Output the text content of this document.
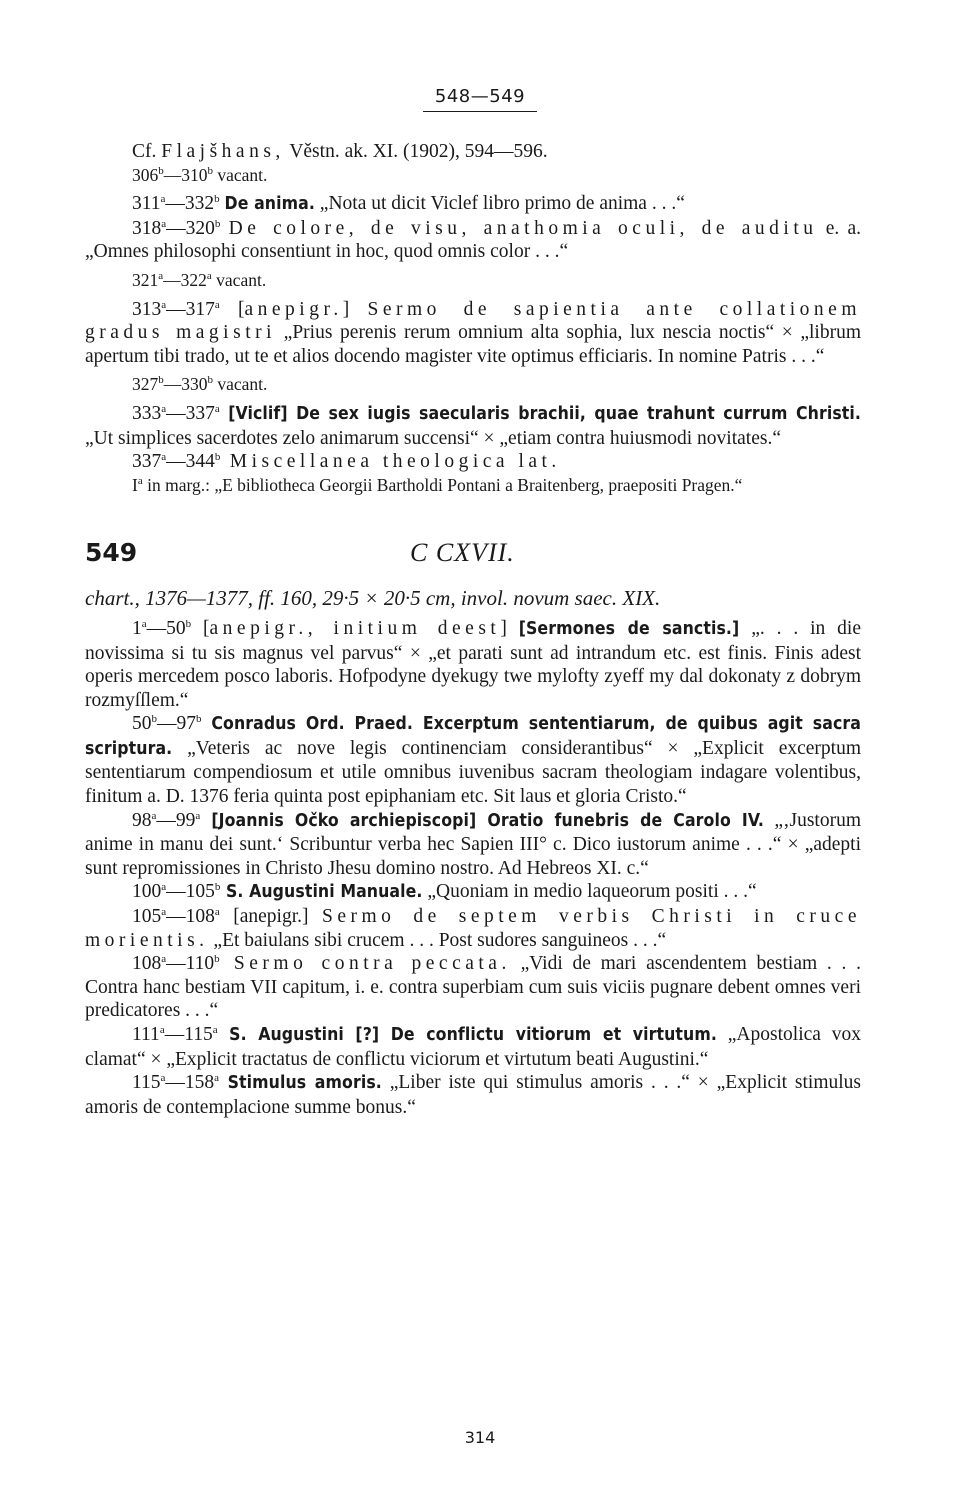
548—549

Cf. Flajšhans, Věstn. ak. XI. (1902), 594—596.

306$^b$—310$^b$ vacant.

311$^a$—332$^b$ De anima. „Nota ut dicit Viclef libro primo de anima . . .“

318$^a$—320$^b$ De colore, de visu, anathomia oculi, de auditu e. a. „Omnes philosophi consentiunt in hoc, quod omnis color . . .“

321$^a$—322$^a$ vacant.

313$^a$—317$^a$ [anepigr.] Sermo de sapientia ante collationem gradus magistri „Prius perenis rerum omnium alta sophia, lux nescia noctis“ × „librum apertum tibi trado, ut te et alios docendo magister vite optimus efficiaris. In nomine Patris . . .“

327$^b$—330$^b$ vacant.

333$^a$—337$^a$ [Viclif] De sex iugis saecularis brachii, quae trahunt currum Christi. „Ut simplices sacerdotes zelo animarum succensi“ × „etiam contra huiusmodi novitates.“

337$^a$—344$^b$ Miscellanea theologica lat.

$I^a$ in marg.: „E bibliotheca Georgii Bartholdi Pontani a Braitenberg, praepositi Pragen.“

549	C CXVII.

chart., 1376—1377, ff. 160, 29·5 × 20·5 cm, invol. novum saec. XIX.

1$^a$—50$^b$ [anepigr., initium deest] [Sermones de sanctis.] „. . . in die novissima si tu sis magnus vel parvus“ × „et parati sunt ad intrandum etc. est finis. Finis adest operis mercedem posco laboris. Hofpodyne dyekugy twe mylofty zyeff my dal dokonaty z dobrym rozmyſſlem.“

50$^b$—97$^b$ Conradus Ord. Praed. Excerptum sententiarum, de quibus agit sacra scriptura. „Veteris ac nove legis continenciam considerantibus“ × „Explicit excerptum sententiarum compendiosum et utile omnibus iuvenibus sacram theologiam indagare volentibus, finitum a. D. 1376 feria quinta post epiphaniam etc. Sit laus et gloria Cristo.“

98$^a$—99$^a$ [Joannis Očko archiepiscopi] Oratio funebris de Carolo IV. „‚Justorum anime in manu dei sunt.‘ Scribuntur verba hec Sapien III° c. Dico iustorum anime . . .“ × „adepti sunt repromissiones in Christo Jhesu domino nostro. Ad Hebreos XI. c.“

100$^a$—105$^b$ S. Augustini Manuale. „Quoniam in medio laqueorum positi . . .“

105$^a$—108$^a$ [anepigr.] Sermo de septem verbis Christi in cruce morientis. „Et baiulans sibi crucem . . . Post sudores sanguineos . . .“

108$^a$—110$^b$ Sermo contra peccata. „Vidi de mari ascendentem bestiam . . . Contra hanc bestiam VII capitum, i. e. contra superbiam cum suis viciis pugnare debent omnes veri predicatores . . .“

111$^a$—115$^a$ S. Augustini [?] De conflictu vitiorum et virtutum. „Apostolica vox clamat“ × „Explicit tractatus de conflictu viciorum et virtutum beati Augustini.“

115$^a$—158$^a$ Stimulus amoris. „Liber iste qui stimulus amoris . . .“ × „Explicit stimulus amoris de contemplacione summe bonus.“

314
